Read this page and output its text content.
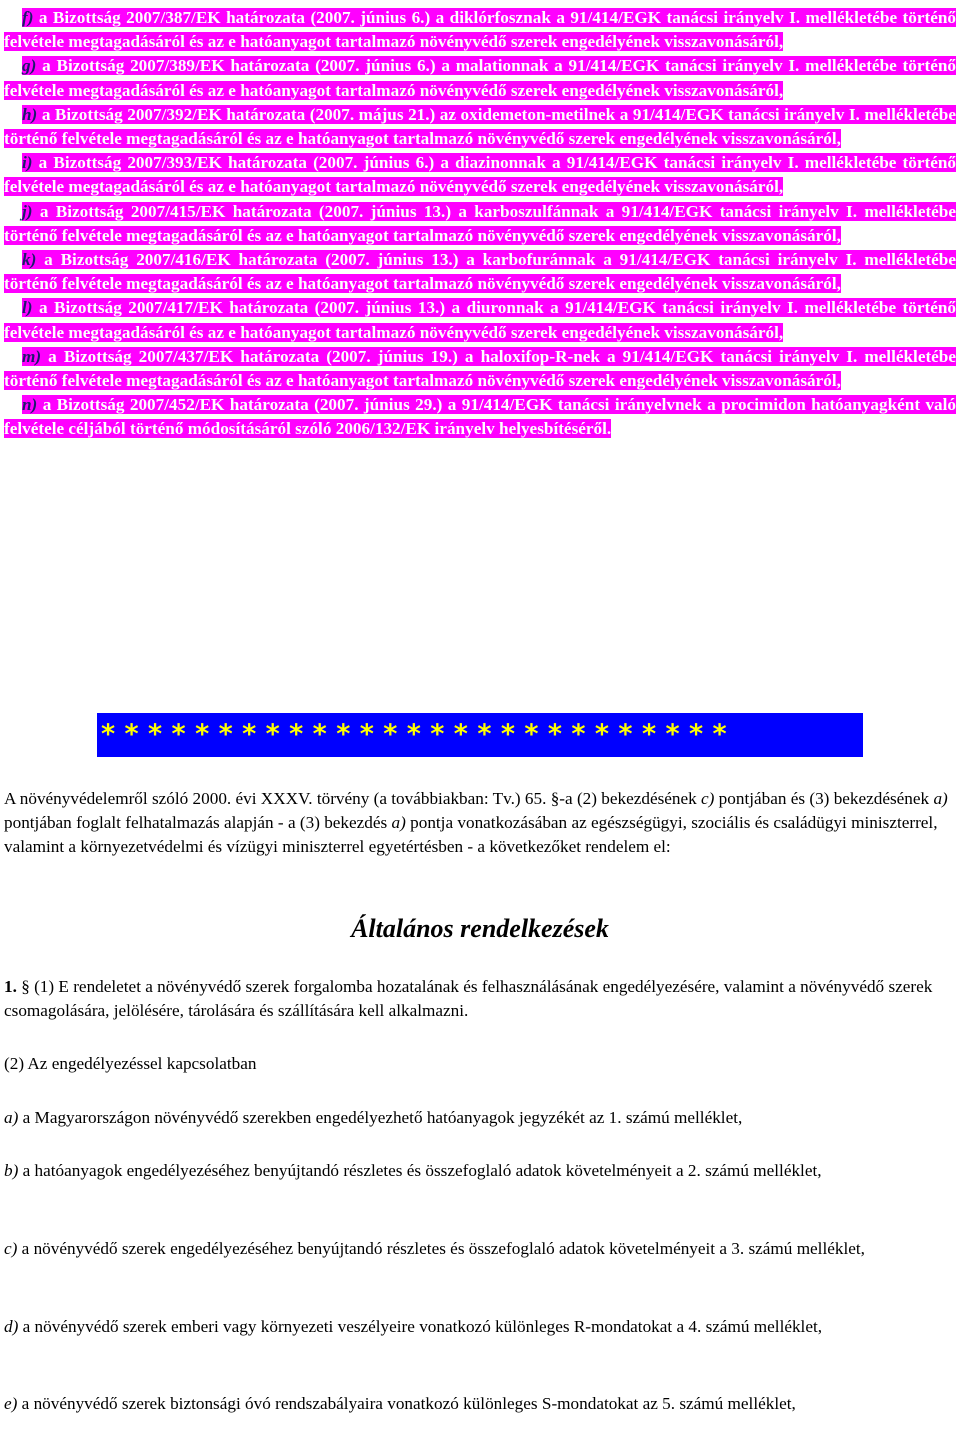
f) a Bizottság 2007/387/EK határozata (2007. június 6.) a diklórfosznak a 91/414/EGK tanácsi irányelv I. mellékletébe történő felvétele megtagadásáról és az e hatóanyagot tartalmazó növényvédő szerek engedélyének visszavonásáról,

g) a Bizottság 2007/389/EK határozata (2007. június 6.) a malationnak a 91/414/EGK tanácsi irányelv I. mellékletébe történő felvétele megtagadásáról és az e hatóanyagot tartalmazó növényvédő szerek engedélyének visszavonásáról,

h) a Bizottság 2007/392/EK határozata (2007. május 21.) az oxidemeton-metilnek a 91/414/EGK tanácsi irányelv I. mellékletébe történő felvétele megtagadásáról és az e hatóanyagot tartalmazó növényvédő szerek engedélyének visszavonásáról,

i) a Bizottság 2007/393/EK határozata (2007. június 6.) a diazinonnak a 91/414/EGK tanácsi irányelv I. mellékletébe történő felvétele megtagadásáról és az e hatóanyagot tartalmazó növényvédő szerek engedélyének visszavonásáról,

j) a Bizottság 2007/415/EK határozata (2007. június 13.) a karboszulfánnak a 91/414/EGK tanácsi irányelv I. mellékletébe történő felvétele megtagadásáról és az e hatóanyagot tartalmazó növényvédő szerek engedélyének visszavonásáról,

k) a Bizottság 2007/416/EK határozata (2007. június 13.) a karbofuránnak a 91/414/EGK tanácsi irányelv I. mellékletébe történő felvétele megtagadásáról és az e hatóanyagot tartalmazó növényvédő szerek engedélyének visszavonásáról,

l) a Bizottság 2007/417/EK határozata (2007. június 13.) a diuronnak a 91/414/EGK tanácsi irányelv I. mellékletébe történő felvétele megtagadásáról és az e hatóanyagot tartalmazó növényvédő szerek engedélyének visszavonásáról,

m) a Bizottság 2007/437/EK határozata (2007. június 19.) a haloxifop-R-nek a 91/414/EGK tanácsi irányelv I. mellékletébe történő felvétele megtagadásáról és az e hatóanyagot tartalmazó növényvédő szerek engedélyének visszavonásáról,

n) a Bizottság 2007/452/EK határozata (2007. június 29.) a 91/414/EGK tanácsi irányelvnek a procimidon hatóanyagként való felvétele céljából történő módosításáról szóló 2006/132/EK irányelv helyesbítéséről.

* * * * * * * * * * * * * * * * * * * * * * * * * * *

A növényvédelemről szóló 2000. évi XXXV. törvény (a továbbiakban: Tv.) 65. §-a (2) bekezdésének c) pontjában és (3) bekezdésének a) pontjában foglalt felhatalmazás alapján - a (3) bekezdés a) pontja vonatkozásában az egészségügyi, szociális és családügyi miniszterrel, valamint a környezetvédelmi és vízügyi miniszterrel egyetértésben - a következőket rendelem el:

Általános rendelkezések

1. § (1) E rendeletet a növényvédő szerek forgalomba hozatalának és felhasználásának engedélyezésére, valamint a növényvédő szerek csomagolására, jelölésére, tárolására és szállítására kell alkalmazni.

(2) Az engedélyezéssel kapcsolatban

a) a Magyarországon növényvédő szerekben engedélyezhető hatóanyagok jegyzékét az 1. számú melléklet,

b) a hatóanyagok engedélyezéséhez benyújtandó részletes és összefoglaló adatok követelményeit a 2. számú melléklet,

c) a növényvédő szerek engedélyezéséhez benyújtandó részletes és összefoglaló adatok követelményeit a 3. számú melléklet,

d) a növényvédő szerek emberi vagy környezeti veszélyeire vonatkozó különleges R-mondatokat a 4. számú melléklet,

e) a növényvédő szerek biztonsági óvó rendszabályaira vonatkozó különleges S-mondatokat az 5. számú melléklet,
